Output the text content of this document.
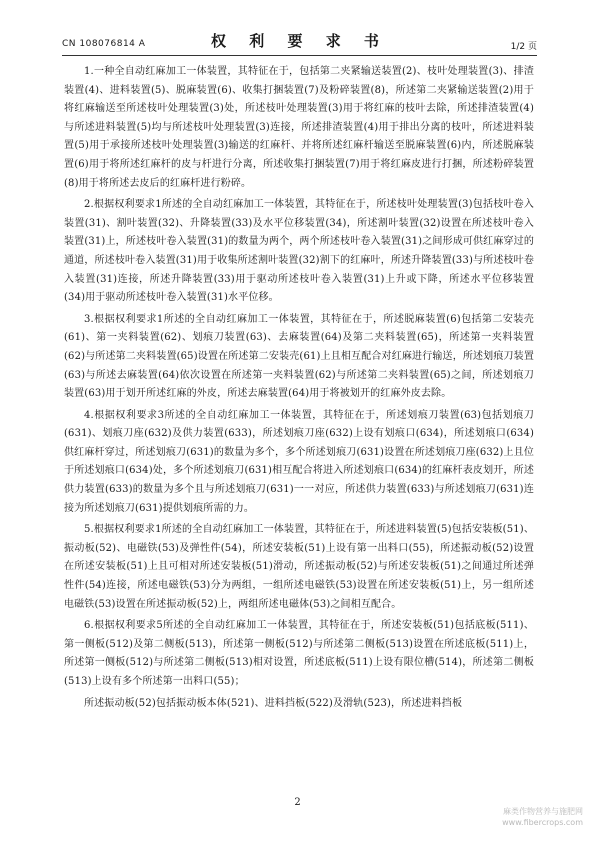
CN 108076814 A	权 利 要 求 书	1/2 页

1.一种全自动红麻加工一体装置，其特征在于，包括第二夹紧输送装置(2)、枝叶处理装置(3)、排渣装置(4)、进料装置(5)、脱麻装置(6)、收集打捆装置(7)及粉碎装置(8)，所述第二夹紧输送装置(2)用于将红麻输送至所述枝叶处理装置(3)处，所述枝叶处理装置(3)用于将红麻的枝叶去除，所述排渣装置(4)与所述进料装置(5)均与所述枝叶处理装置(3)连接，所述排渣装置(4)用于排出分离的枝叶，所述进料装置(5)用于承接所述枝叶处理装置(3)输送的红麻杆、并将所述红麻杆输送至脱麻装置(6)内，所述脱麻装置(6)用于将所述红麻杆的皮与杆进行分离，所述收集打捆装置(7)用于将红麻皮进行打捆，所述粉碎装置(8)用于将所述去皮后的红麻杆进行粉碎。

2.根据权利要求1所述的全自动红麻加工一体装置，其特征在于，所述枝叶处理装置(3)包括枝叶卷入装置(31)、割叶装置(32)、升降装置(33)及水平位移装置(34)，所述割叶装置(32)设置在所述枝叶卷入装置(31)上，所述枝叶卷入装置(31)的数量为两个，两个所述枝叶卷入装置(31)之间形成可供红麻穿过的通道，所述枝叶卷入装置(31)用于收集所述割叶装置(32)割下的红麻叶，所述升降装置(33)与所述枝叶卷入装置(31)连接，所述升降装置(33)用于驱动所述枝叶卷入装置(31)上升或下降，所述水平位移装置(34)用于驱动所述枝叶卷入装置(31)水平位移。

3.根据权利要求1所述的全自动红麻加工一体装置，其特征在于，所述脱麻装置(6)包括第二安装壳(61)、第一夹料装置(62)、划痕刀装置(63)、去麻装置(64)及第二夹料装置(65)，所述第一夹料装置(62)与所述第二夹料装置(65)设置在所述第二安装壳(61)上且相互配合对红麻进行输送，所述划痕刀装置(63)与所述去麻装置(64)依次设置在所述第一夹料装置(62)与所述第二夹料装置(65)之间，所述划痕刀装置(63)用于划开所述红麻的外皮，所述去麻装置(64)用于将被划开的红麻外皮去除。

4.根据权利要求3所述的全自动红麻加工一体装置，其特征在于，所述划痕刀装置(63)包括划痕刀(631)、划痕刀座(632)及供力装置(633)，所述划痕刀座(632)上设有划痕口(634)，所述划痕口(634)供红麻杆穿过，所述划痕刀(631)的数量为多个，多个所述划痕刀(631)设置在所述划痕刀座(632)上且位于所述划痕口(634)处，多个所述划痕刀(631)相互配合将进入所述划痕口(634)的红麻杆表皮划开，所述供力装置(633)的数量为多个且与所述划痕刀(631)一一对应，所述供力装置(633)与所述划痕刀(631)连接为所述划痕刀(631)提供划痕所需的力。

5.根据权利要求1所述的全自动红麻加工一体装置，其特征在于，所述进料装置(5)包括安装板(51)、振动板(52)、电磁铁(53)及弹性件(54)，所述安装板(51)上设有第一出料口(55)，所述振动板(52)设置在所述安装板(51)上且可相对所述安装板(51)滑动，所述振动板(52)与所述安装板(51)之间通过所述弹性件(54)连接，所述电磁铁(53)分为两组，一组所述电磁铁(53)设置在所述安装板(51)上，另一组所述电磁铁(53)设置在所述振动板(52)上，两组所述电磁体(53)之间相互配合。

6.根据权利要求5所述的全自动红麻加工一体装置，其特征在于，所述安装板(51)包括底板(511)、第一侧板(512)及第二侧板(513)，所述第一侧板(512)与所述第二侧板(513)设置在所述底板(511)上，所述第一侧板(512)与所述第二侧板(513)相对设置，所述底板(511)上设有限位槽(514)，所述第二侧板(513)上设有多个所述第一出料口(55)；

所述振动板(52)包括振动板本体(521)、进料挡板(522)及滑轨(523)，所述进料挡板

2
麻类作物营养与施肥网
www.fibercrops.com
